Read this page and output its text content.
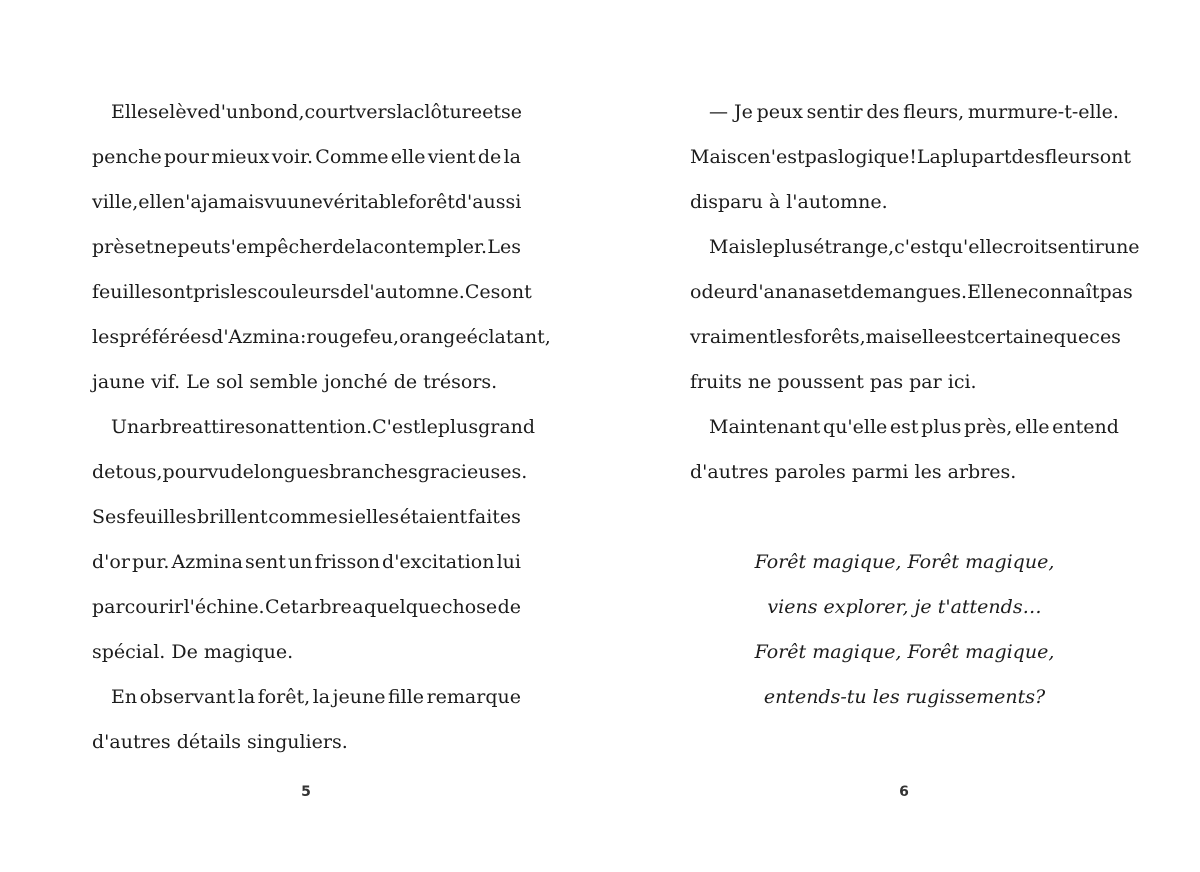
Elle se lève d'un bond, court vers la clôture et se
penche pour mieux voir. Comme elle vient de la
ville, elle n'a jamais vu une véritable forêt d'aussi
près et ne peut s'empêcher de la contempler. Les
feuilles ont pris les couleurs de l'automne. Ce sont
les préférées d'Azmina : rouge feu, orange éclatant,
jaune vif. Le sol semble jonché de trésors.
Un arbre attire son attention. C'est le plus grand
de tous, pourvu de longues branches gracieuses.
Ses feuilles brillent comme si elles étaient faites
d'or pur. Azmina sent un frisson d'excitation lui
parcourir l'échine. Cet arbre a quelque chose de
spécial. De magique.
En observant la forêt, la jeune fille remarque
d'autres détails singuliers.
5
— Je peux sentir des fleurs, murmure-t-elle.
Mais ce n'est pas logique! La plupart des fleurs ont
disparu à l'automne.
Mais le plus étrange, c'est qu'elle croit sentir une
odeur d'ananas et de mangues. Elle ne connaît pas
vraiment les forêts, mais elle est certaine que ces
fruits ne poussent pas par ici.
Maintenant qu'elle est plus près, elle entend
d'autres paroles parmi les arbres.
Forêt magique, Forêt magique,
viens explorer, je t'attends…
Forêt magique, Forêt magique,
entends-tu les rugissements?
6
